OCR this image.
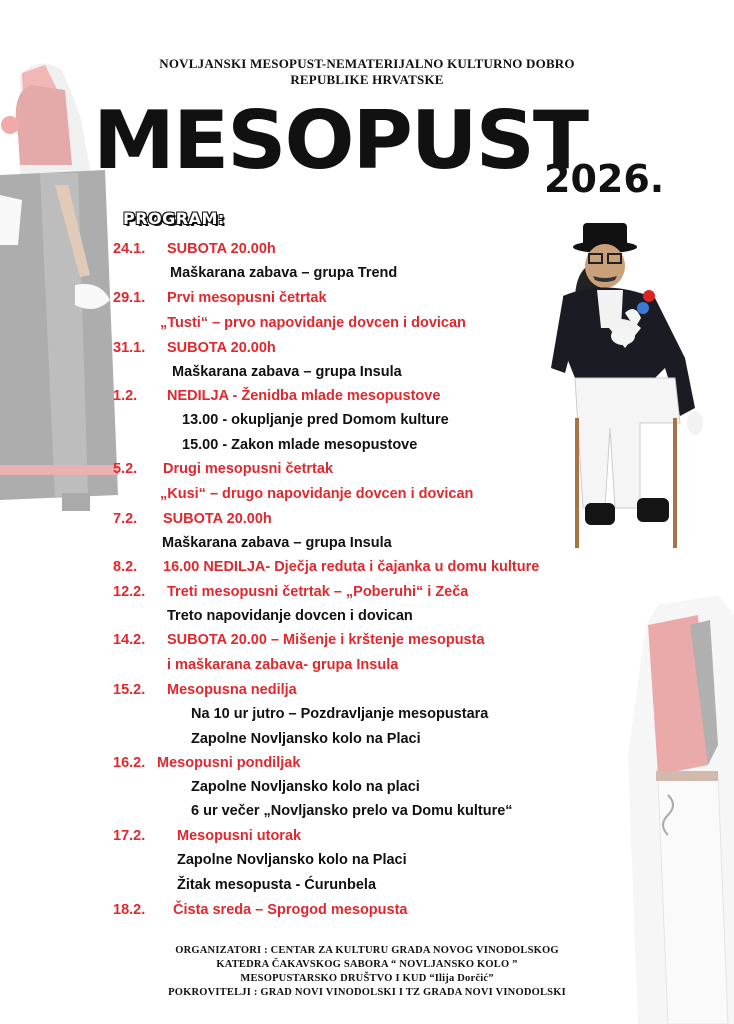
NOVLJANSKI MESOPUST-NEMATERIJALNO KULTURNO DOBRO
REPUBLIKE HRVATSKE
MESOPUST
2026.
PROGRAM:
24.1. SUBOTA 20.00h
Maškarana zabava – grupa Trend
29.1. Prvi mesopusni četrtak
„Tusti“ – prvo napovidanje dovcen i dovican
31.1. SUBOTA 20.00h
Maškarana zabava – grupa Insula
1.2. NEDILJA - Ženidba mlade mesopustove
13.00 - okupljanje pred Domom kulture
15.00 - Zakon mlade mesopustove
5.2. Drugi mesopusni četrtak
„Kusi“ – drugo napovidanje dovcen i dovican
7.2. SUBOTA 20.00h
Maškarana zabava – grupa Insula
8.2. 16.00 NEDILJA- Dječja reduta i čajanka u domu kulture
12.2. Treti mesopusni četrtak – „Poberuhi“ i Zeča
Treto napovidanje dovcen i dovican
14.2. SUBOTA 20.00 – Mišenje i krštenje mesopusta
i maškarana zabava- grupa Insula
15.2. Mesopusna nedilja
Na 10 ur jutro – Pozdravljanje mesopustara
Zapolne Novljansko kolo na Placi
16.2. Mesopusni pondiljak
Zapolne Novljansko kolo na placi
6 ur večer „Novljansko prelo va Domu kulture“
17.2. Mesopusni utorak
Zapolne Novljansko kolo na Placi
Žitak mesopusta - Ćurunbela
18.2. Čista sreda – Sprogod mesopusta
ORGANIZATORI : CENTAR ZA KULTURU GRADA NOVOG VINODOLSKOG
KATEDRA ČAKAVSKOG SABORA “ NOVLJANSKO KOLO ”
MESOPUSTARSKO DRUŠTVO I KUD “Ilija Dorčić”
POKROVITELJI : GRAD NOVI VINODOLSKI I TZ GRADA NOVI VINODOLSKI
